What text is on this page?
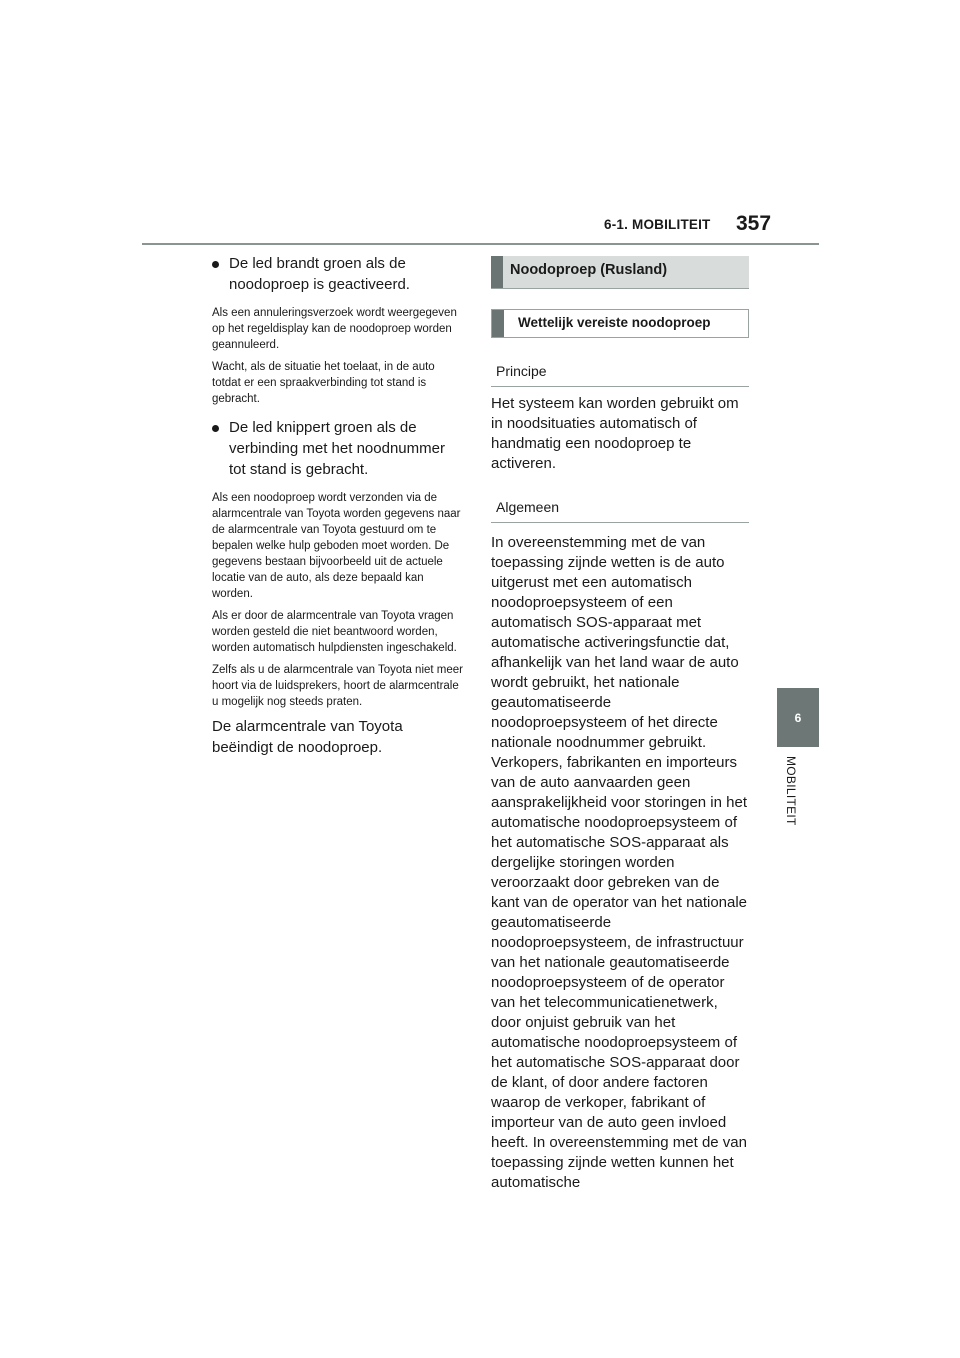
6-1. MOBILITEIT 357
6
MOBILITEIT
De led brandt groen als de noodoproep is geactiveerd.

Als een annuleringsverzoek wordt weergegeven op het regeldisplay kan de noodoproep worden geannuleerd.

Wacht, als de situatie het toelaat, in de auto totdat er een spraakverbinding tot stand is gebracht.

De led knippert groen als de verbinding met het noodnummer tot stand is gebracht.

Als een noodoproep wordt verzonden via de alarmcentrale van Toyota worden gegevens naar de alarmcentrale van Toyota gestuurd om te bepalen welke hulp geboden moet worden. De gegevens bestaan bijvoorbeeld uit de actuele locatie van de auto, als deze bepaald kan worden.

Als er door de alarmcentrale van Toyota vragen worden gesteld die niet beantwoord worden, worden automatisch hulpdiensten ingeschakeld.

Zelfs als u de alarmcentrale van Toyota niet meer hoort via de luidsprekers, hoort de alarmcentrale u mogelijk nog steeds praten.

De alarmcentrale van Toyota beëindigt de noodoproep.

Noodoproep (Rusland)
Wettelijk vereiste noodoproep
Principe

Het systeem kan worden gebruikt om in noodsituaties automatisch of handmatig een noodoproep te activeren.

Algemeen

In overeenstemming met de van toepassing zijnde wetten is de auto uitgerust met een automatisch noodoproepsysteem of een automatisch SOS-apparaat met automatische activeringsfunctie dat, afhankelijk van het land waar de auto wordt gebruikt, het nationale geautomatiseerde noodoproepsysteem of het directe nationale noodnummer gebruikt. Verkopers, fabrikanten en importeurs van de auto aanvaarden geen aansprakelijkheid voor storingen in het automatische noodoproepsysteem of het automatische SOS-apparaat als dergelijke storingen worden veroorzaakt door gebreken van de kant van de operator van het nationale geautomatiseerde noodoproepsysteem, de infrastructuur van het nationale geautomatiseerde noodoproepsysteem of de operator van het telecommunicatienetwerk, door onjuist gebruik van het automatische noodoproepsysteem of het automatische SOS-apparaat door de klant, of door andere factoren waarop de verkoper, fabrikant of importeur van de auto geen invloed heeft. In overeenstemming met de van toepassing zijnde wetten kunnen het automatische
